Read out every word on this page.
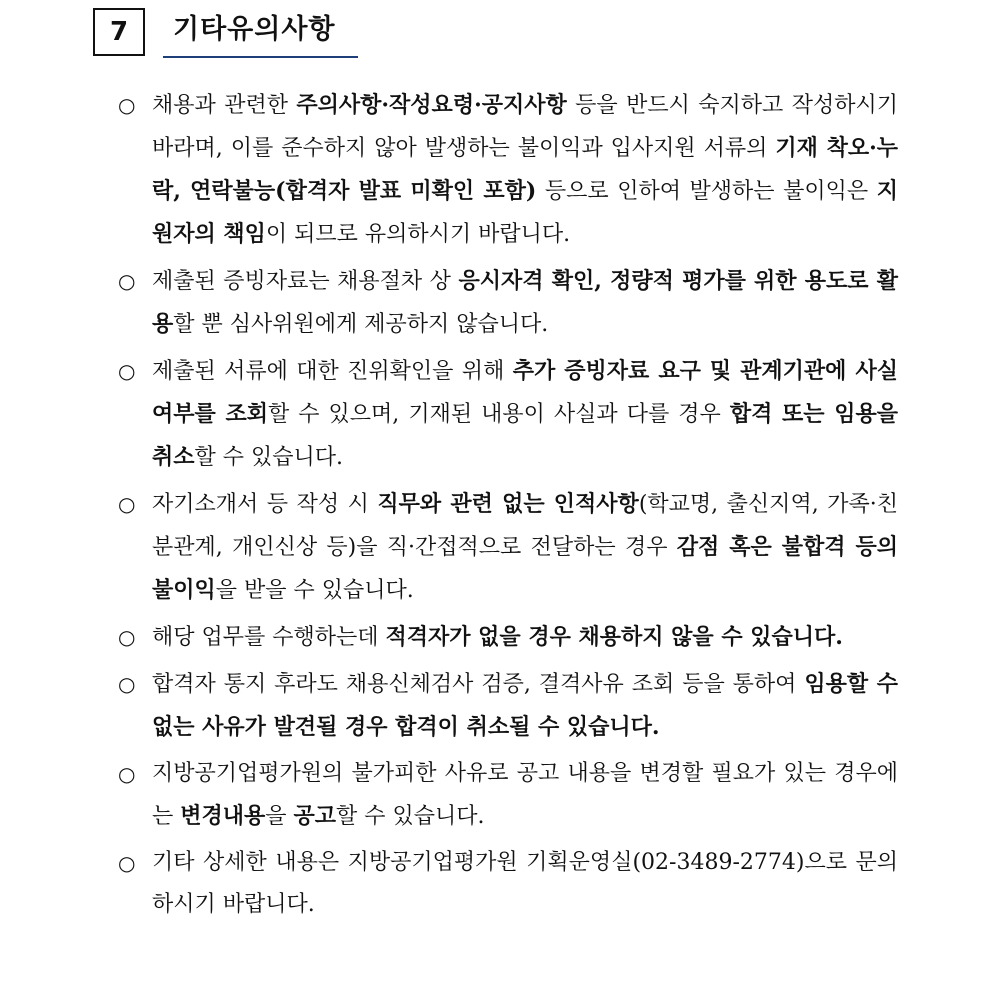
7	기타유의사항
○ 채용과 관련한 주의사항·작성요령·공지사항 등을 반드시 숙지하고 작성하시기 바라며, 이를 준수하지 않아 발생하는 불이익과 입사지원 서류의 기재 착오·누락, 연락불능(합격자 발표 미확인 포함) 등으로 인하여 발생하는 불이익은 지원자의 책임이 되므로 유의하시기 바랍니다.
○ 제출된 증빙자료는 채용절차 상 응시자격 확인, 정량적 평가를 위한 용도로 활용할 뿐 심사위원에게 제공하지 않습니다.
○ 제출된 서류에 대한 진위확인을 위해 추가 증빙자료 요구 및 관계기관에 사실여부를 조회할 수 있으며, 기재된 내용이 사실과 다를 경우 합격 또는 임용을 취소할 수 있습니다.
○ 자기소개서 등 작성 시 직무와 관련 없는 인적사항(학교명, 출신지역, 가족·친분관계, 개인신상 등)을 직·간접적으로 전달하는 경우 감점 혹은 불합격 등의 불이익을 받을 수 있습니다.
○ 해당 업무를 수행하는데 적격자가 없을 경우 채용하지 않을 수 있습니다.
○ 합격자 통지 후라도 채용신체검사 검증, 결격사유 조회 등을 통하여 임용할 수 없는 사유가 발견될 경우 합격이 취소될 수 있습니다.
○ 지방공기업평가원의 불가피한 사유로 공고 내용을 변경할 필요가 있는 경우에는 변경내용을 공고할 수 있습니다.
○ 기타 상세한 내용은 지방공기업평가원 기획운영실(02-3489-2774)으로 문의하시기 바랍니다.
